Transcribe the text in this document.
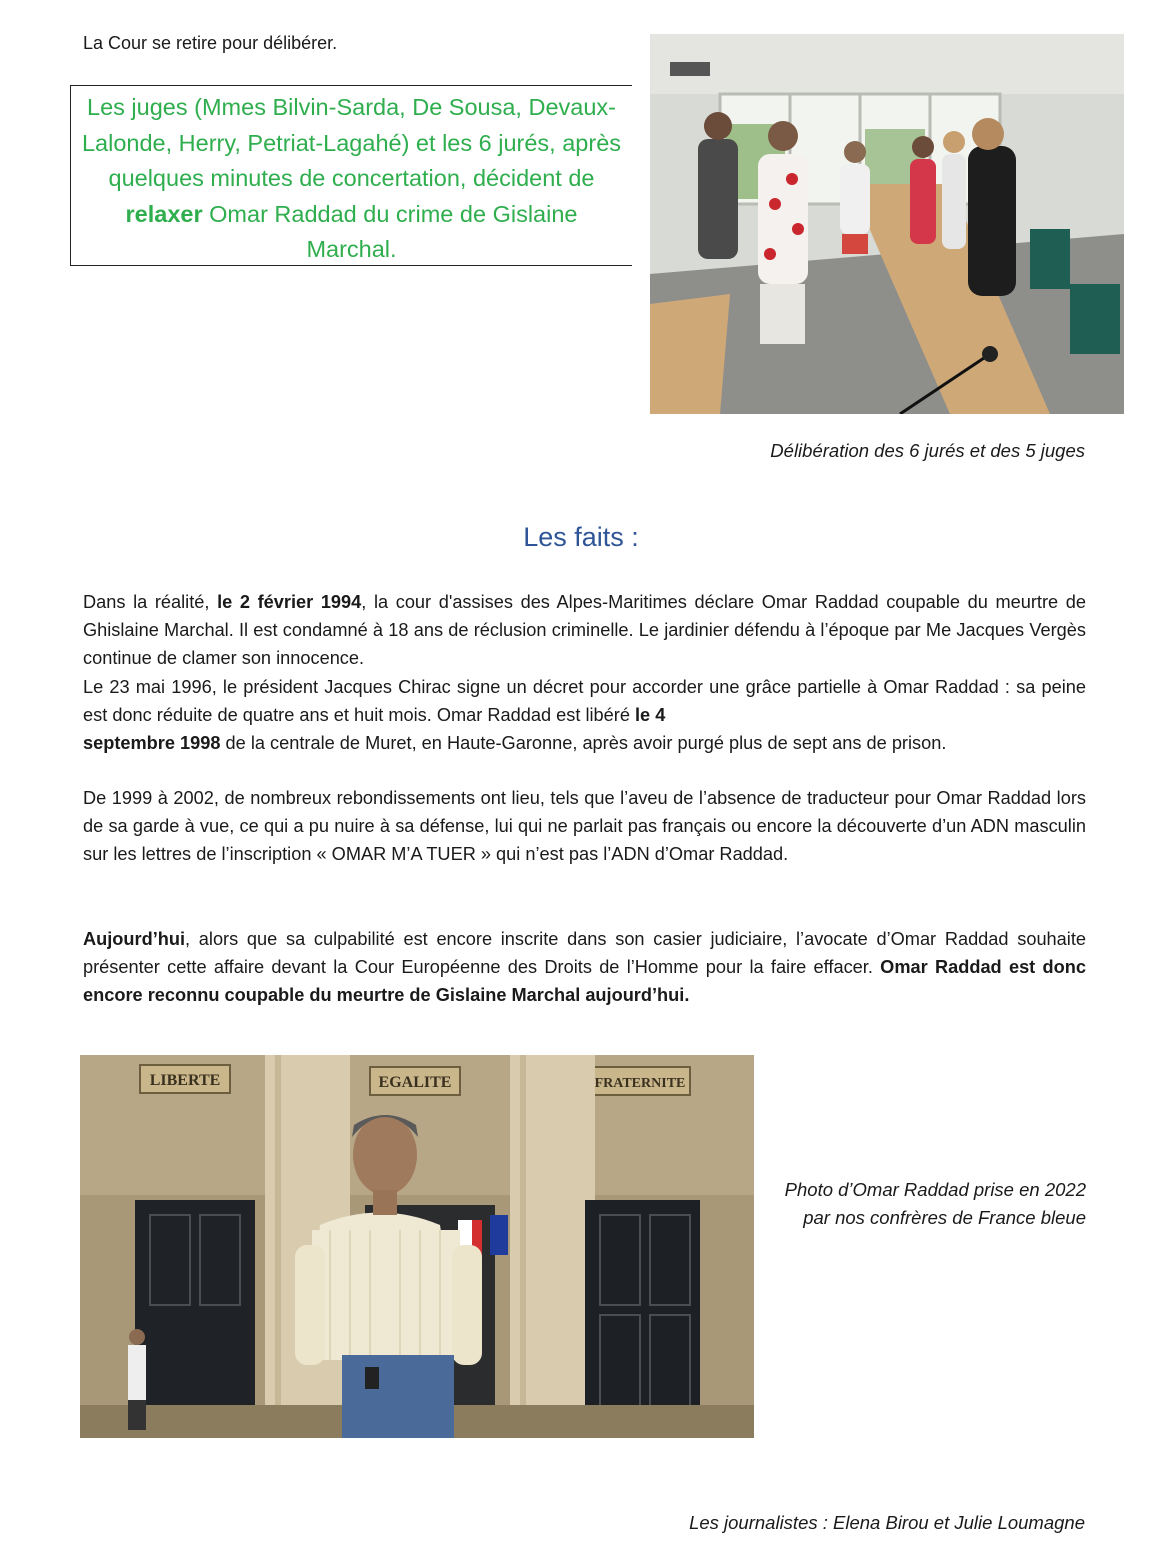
La Cour se retire pour délibérer.
Les juges (Mmes Bilvin-Sarda, De Sousa, Devaux-Lalonde, Herry, Petriat-Lagahé) et les 6 jurés, après quelques minutes de concertation, décident de relaxer Omar Raddad du crime de Gislaine Marchal.
Délibération des 6 jurés et des 5 juges
Les faits :

Dans la réalité, le 2 février 1994, la cour d'assises des Alpes-Maritimes déclare Omar Raddad coupable du meurtre de Ghislaine Marchal. Il est condamné à 18 ans de réclusion criminelle. Le jardinier défendu à l’époque par Me Jacques Vergès continue de clamer son innocence.

Le 23 mai 1996, le président Jacques Chirac signe un décret pour accorder une grâce partielle à Omar Raddad : sa peine est donc réduite de quatre ans et huit mois. Omar Raddad est libéré le 4
septembre 1998 de la centrale de Muret, en Haute-Garonne, après avoir purgé plus de sept ans de prison.

De 1999 à 2002, de nombreux rebondissements ont lieu, tels que l’aveu de l’absence de traducteur pour Omar Raddad lors de sa garde à vue, ce qui a pu nuire à sa défense, lui qui ne parlait pas français ou encore la découverte d’un ADN masculin sur les lettres de l’inscription « OMAR M’A TUER » qui n’est pas l’ADN d’Omar Raddad.

Aujourd’hui, alors que sa culpabilité est encore inscrite dans son casier judiciaire, l’avocate d’Omar Raddad souhaite présenter cette affaire devant la Cour Européenne des Droits de l’Homme pour la faire effacer. Omar Raddad est donc encore reconnu coupable du meurtre de Gislaine Marchal aujourd’hui.

LIBERTE	EGALITE	FRATERNITE
Photo d’Omar Raddad prise en 2022 par nos confrères de France bleue
Les journalistes : Elena Birou et Julie Loumagne
